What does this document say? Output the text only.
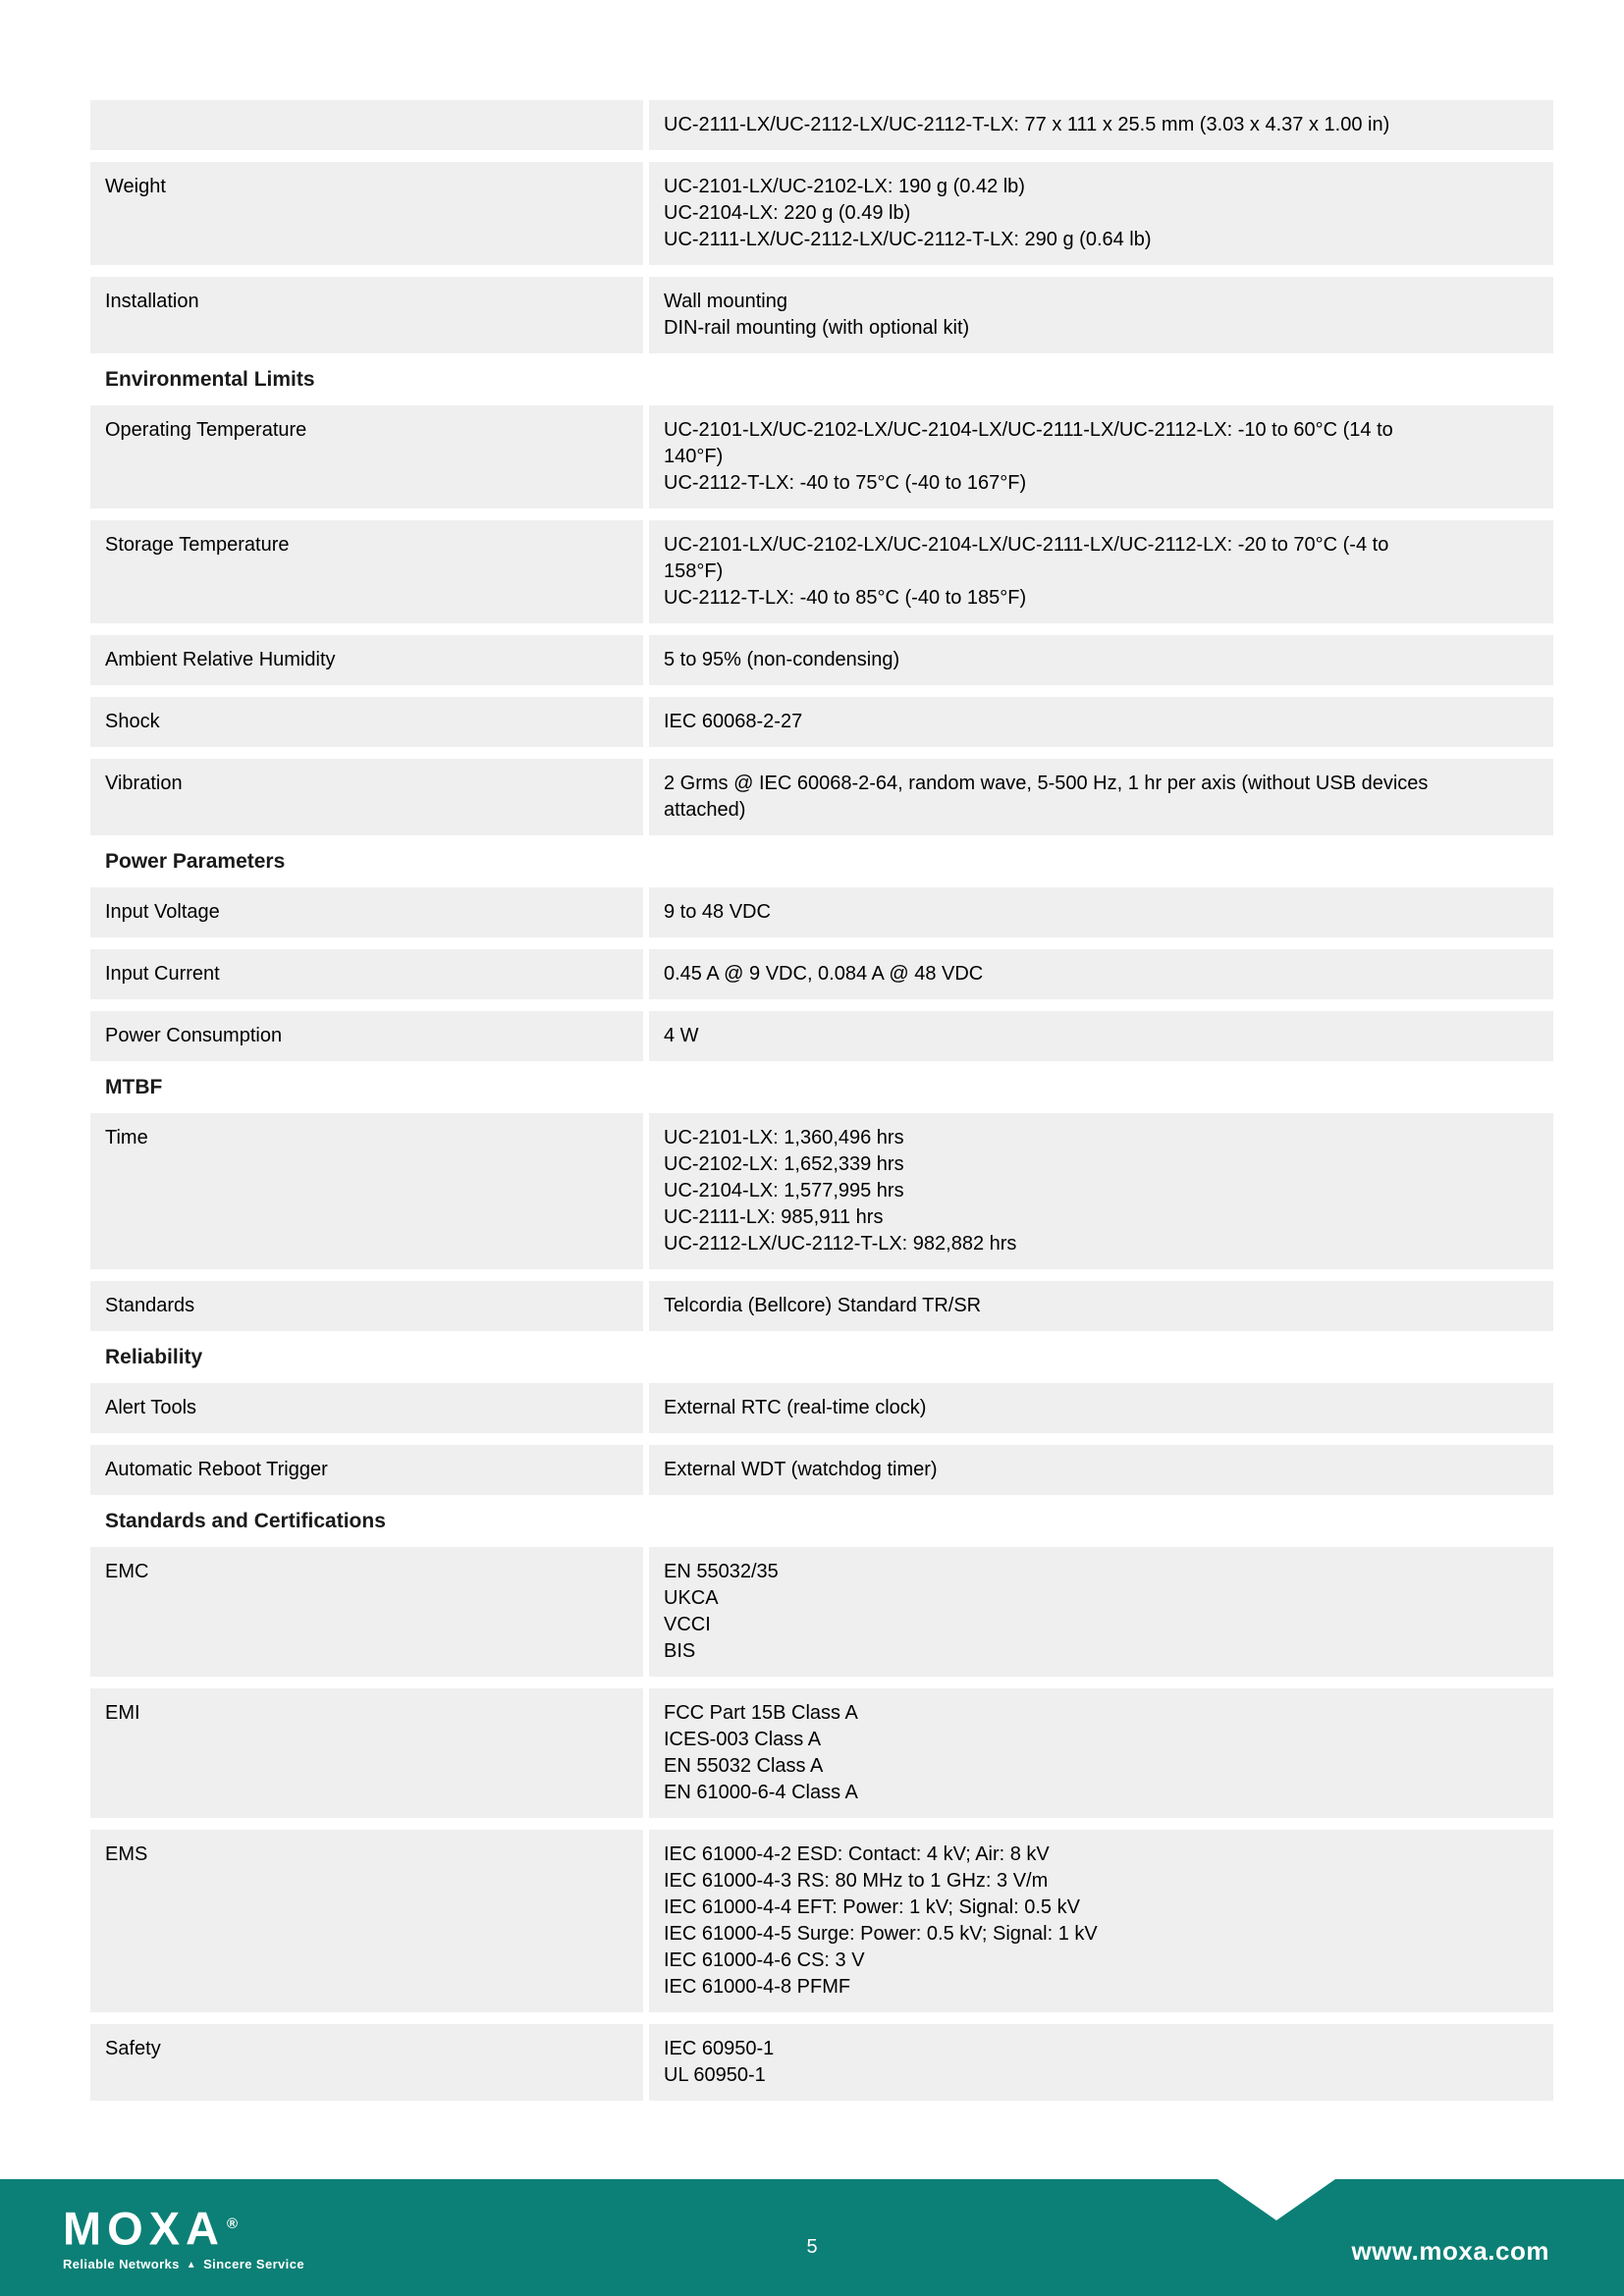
UC-2111-LX/UC-2112-LX/UC-2112-T-LX: 77 x 111 x 25.5 mm (3.03 x 4.37 x 1.00 in)
Weight	UC-2101-LX/UC-2102-LX: 190 g (0.42 lb)
UC-2104-LX: 220 g (0.49 lb)
UC-2111-LX/UC-2112-LX/UC-2112-T-LX: 290 g (0.64 lb)
Installation	Wall mounting
DIN-rail mounting (with optional kit)
Environmental Limits
Operating Temperature	UC-2101-LX/UC-2102-LX/UC-2104-LX/UC-2111-LX/UC-2112-LX: -10 to 60°C (14 to
140°F)
UC-2112-T-LX: -40 to 75°C (-40 to 167°F)
Storage Temperature	UC-2101-LX/UC-2102-LX/UC-2104-LX/UC-2111-LX/UC-2112-LX: -20 to 70°C (-4 to
158°F)
UC-2112-T-LX: -40 to 85°C (-40 to 185°F)
Ambient Relative Humidity	5 to 95% (non-condensing)
Shock	IEC 60068-2-27
Vibration	2 Grms @ IEC 60068-2-64, random wave, 5-500 Hz, 1 hr per axis (without USB devices
attached)
Power Parameters
Input Voltage	9 to 48 VDC
Input Current	0.45 A @ 9 VDC, 0.084 A @ 48 VDC
Power Consumption	4 W
MTBF
Time	UC-2101-LX: 1,360,496 hrs
UC-2102-LX: 1,652,339 hrs
UC-2104-LX: 1,577,995 hrs
UC-2111-LX: 985,911 hrs
UC-2112-LX/UC-2112-T-LX: 982,882 hrs
Standards	Telcordia (Bellcore) Standard TR/SR
Reliability
Alert Tools	External RTC (real-time clock)
Automatic Reboot Trigger	External WDT (watchdog timer)
Standards and Certifications
EMC	EN 55032/35
UKCA
VCCI
BIS
EMI	FCC Part 15B Class A
ICES-003 Class A
EN 55032 Class A
EN 61000-6-4 Class A
EMS	IEC 61000-4-2 ESD: Contact: 4 kV; Air: 8 kV
IEC 61000-4-3 RS: 80 MHz to 1 GHz: 3 V/m
IEC 61000-4-4 EFT: Power: 1 kV; Signal: 0.5 kV
IEC 61000-4-5 Surge: Power: 0.5 kV; Signal: 1 kV
IEC 61000-4-6 CS: 3 V
IEC 61000-4-8 PFMF
Safety	IEC 60950-1
UL 60950-1
MOXA ®
Reliable Networks ▲ Sincere Service
5	www.moxa.com
